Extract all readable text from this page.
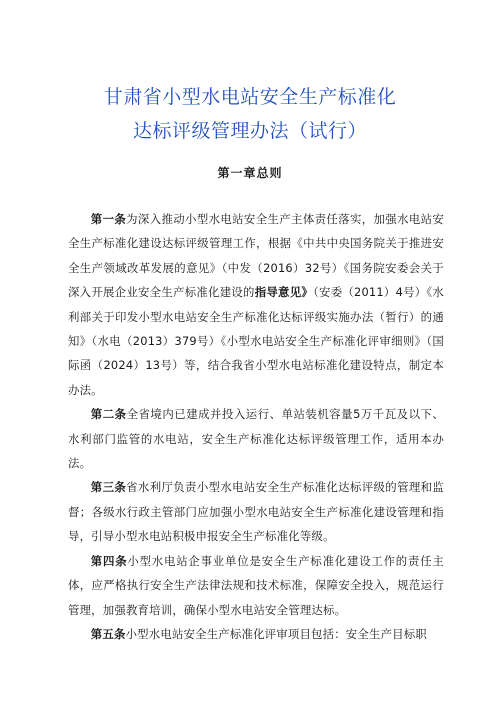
甘肃省小型水电站安全生产标准化
达标评级管理办法（试行）
第一章总则

第一条为深入推动小型水电站安全生产主体责任落实，加强水电站安全生产标准化建设达标评级管理工作，根据《中共中央国务院关于推进安全生产领域改革发展的意见》（中发（2016）32号）《国务院安委会关于深入开展企业安全生产标准化建设的指导意见》（安委（2011）4号）《水利部关于印发小型水电站安全生产标准化达标评级实施办法（暂行）的通知》（水电（2013）379号）《小型水电站安全生产标准化评审细则》（国际函（2024）13号）等，结合我省小型水电站标准化建设特点，制定本办法。

第二条全省境内已建成并投入运行、单站装机容量5万千瓦及以下、水利部门监管的水电站，安全生产标准化达标评级管理工作，适用本办法。

第三条省水利厅负责小型水电站安全生产标准化达标评级的管理和监督；各级水行政主管部门应加强小型水电站安全生产标准化建设管理和指导，引导小型水电站积极申报安全生产标准化等级。

第四条小型水电站企事业单位是安全生产标准化建设工作的责任主体，应严格执行安全生产法律法规和技术标准，保障安全投入，规范运行管理，加强教育培训，确保小型水电站安全管理达标。

第五条小型水电站安全生产标准化评审项目包括：安全生产目标职
